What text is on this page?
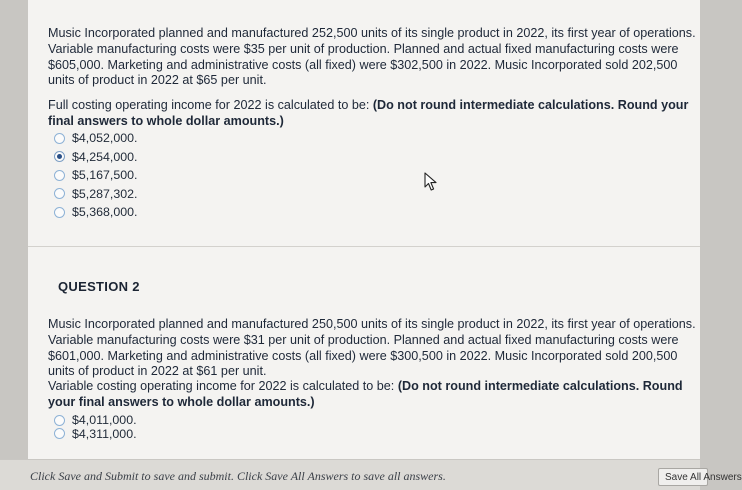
Music Incorporated planned and manufactured 252,500 units of its single product in 2022, its first year of operations.
Variable manufacturing costs were $35 per unit of production. Planned and actual fixed manufacturing costs were
$605,000. Marketing and administrative costs (all fixed) were $302,500 in 2022. Music Incorporated sold 202,500
units of product in 2022 at $65 per unit.
Full costing operating income for 2022 is calculated to be: (Do not round intermediate calculations. Round your
final answers to whole dollar amounts.)
$4,052,000.
$4,254,000.
$5,167,500.
$5,287,302.
$5,368,000.
QUESTION 2
Music Incorporated planned and manufactured 250,500 units of its single product in 2022, its first year of operations.
Variable manufacturing costs were $31 per unit of production. Planned and actual fixed manufacturing costs were
$601,000. Marketing and administrative costs (all fixed) were $300,500 in 2022. Music Incorporated sold 200,500
units of product in 2022 at $61 per unit.
Variable costing operating income for 2022 is calculated to be: (Do not round intermediate calculations. Round
your final answers to whole dollar amounts.)
$4,011,000.
$4,311,000.
Click Save and Submit to save and submit. Click Save All Answers to save all answers.	Save All Answers
